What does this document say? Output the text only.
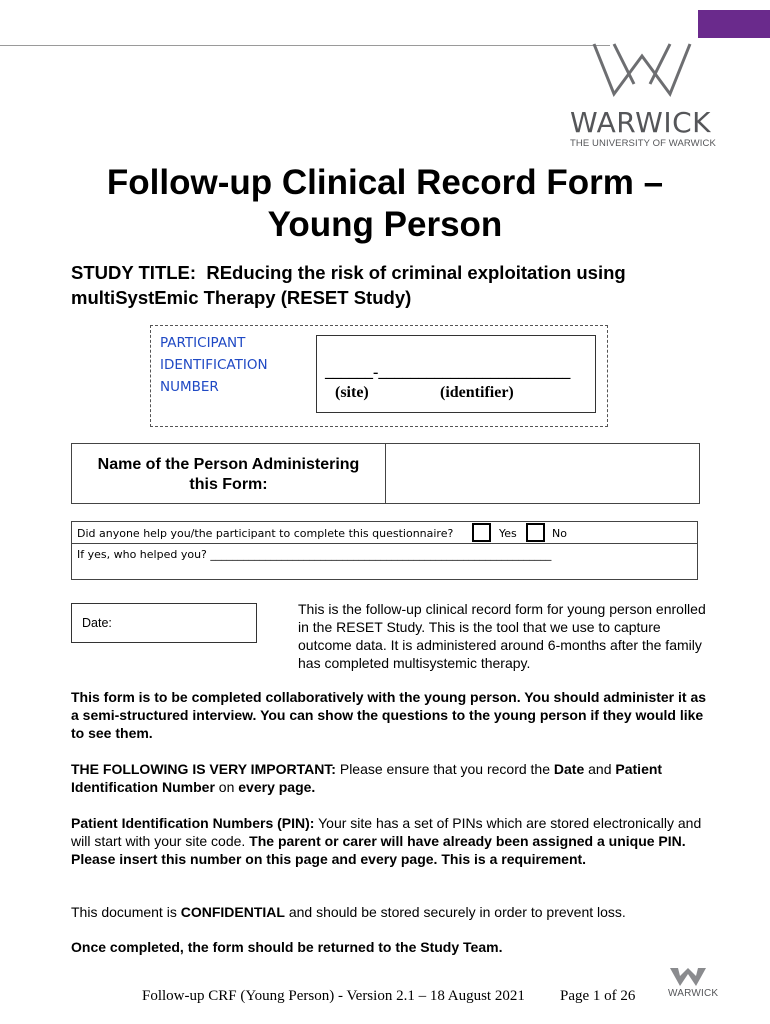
WARWICK
THE UNIVERSITY OF WARWICK
Follow-up Clinical Record Form –
Young Person
STUDY TITLE: REducing the risk of criminal exploitation using
multiSystEmic Therapy (RESET Study)
PARTICIPANT
IDENTIFICATION
NUMBER
______-________________________
(site)	(identifier)
Name of the Person Administering
this Form:
Did anyone help you/the participant to complete this questionnaire?	Yes	No
If yes, who helped you? ______________________________________________________________
Date:
This is the follow-up clinical record form for young person enrolled in the RESET Study. This is the tool that we use to capture outcome data. It is administered around 6-months after the family has completed multisystemic therapy.
This form is to be completed collaboratively with the young person. You should administer it as a semi-structured interview. You can show the questions to the young person if they would like to see them.
THE FOLLOWING IS VERY IMPORTANT: Please ensure that you record the Date and Patient Identification Number on every page.
Patient Identification Numbers (PIN): Your site has a set of PINs which are stored electronically and will start with your site code. The parent or carer will have already been assigned a unique PIN. Please insert this number on this page and every page. This is a requirement.
This document is CONFIDENTIAL and should be stored securely in order to prevent loss.
Once completed, the form should be returned to the Study Team.
Follow-up CRF (Young Person) - Version 2.1 – 18 August 2021 Page 1 of 26	WARWICK
